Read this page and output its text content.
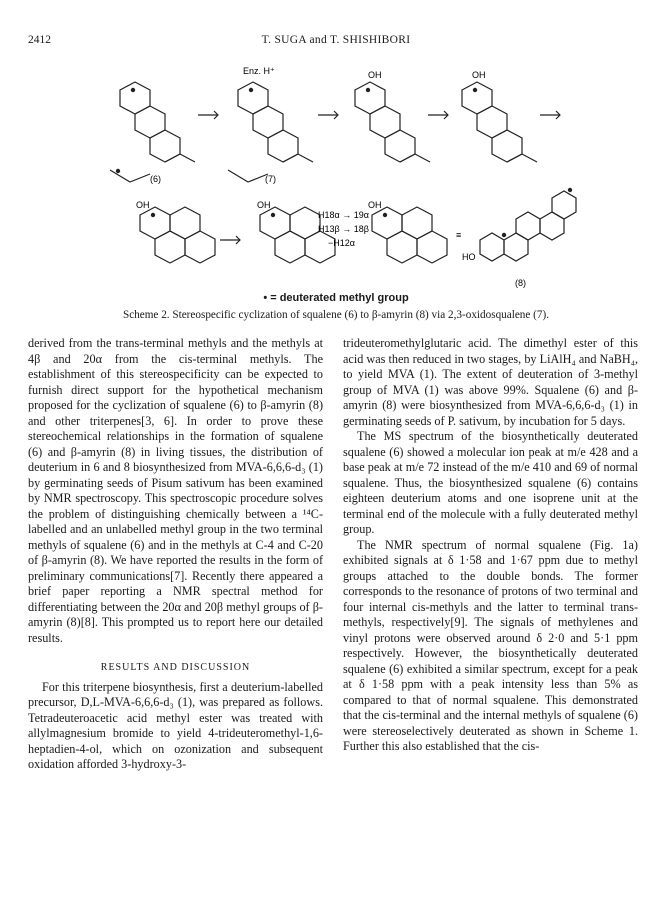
2412	T. SUGA and T. SHISHIBORI
Enz. H⁺	OH	OH
OH	OH	OH
(6)	(7)
H18α → 19α
H13β → 18β
−H12α
≡
HO
(8)
• = deuterated methyl group
Scheme 2. Stereospecific cyclization of squalene (6) to β-amyrin (8) via 2,3-oxidosqualene (7).

derived from the trans-terminal methyls and the methyls at 4β and 20α from the cis-terminal methyls. The establishment of this stereospecificity can be expected to furnish direct support for the hypothetical mechanism proposed for the cyclization of squalene (6) to β-amyrin (8) and other triterpenes[3, 6]. In order to prove these stereochemical relationships in the formation of squalene (6) and β-amyrin (8) in living tissues, the distribution of deuterium in 6 and 8 biosynthesized from MVA-6,6,6-d₃ (1) by germinating seeds of Pisum sativum has been examined by NMR spectroscopy. This spectroscopic procedure solves the problem of distinguishing chemically between a ¹⁴C-labelled and an unlabelled methyl group in the two terminal methyls of squalene (6) and in the methyls at C-4 and C-20 of β-amyrin (8). We have reported the results in the form of preliminary communications[7]. Recently there appeared a brief paper reporting a NMR spectral method for differentiating between the 20α and 20β methyl groups of β-amyrin (8)[8]. This prompted us to report here our detailed results.

RESULTS AND DISCUSSION

For this triterpene biosynthesis, first a deuterium-labelled precursor, D,L-MVA-6,6,6-d₃ (1), was prepared as follows. Tetradeuteroacetic acid methyl ester was treated with allylmagnesium bromide to yield 4-trideuteromethyl-1,6-heptadien-4-ol, which on ozonization and subsequent oxidation afforded 3-hydroxy-3-

trideuteromethylglutaric acid. The dimethyl ester of this acid was then reduced in two stages, by LiAlH₄ and NaBH₄, to yield MVA (1). The extent of deuteration of 3-methyl group of MVA (1) was above 99%. Squalene (6) and β-amyrin (8) were biosynthesized from MVA-6,6,6-d₃ (1) in germinating seeds of P. sativum, by incubation for 5 days.

The MS spectrum of the biosynthetically deuterated squalene (6) showed a molecular ion peak at m/e 428 and a base peak at m/e 72 instead of the m/e 410 and 69 of normal squalene. Thus, the biosynthesized squalene (6) contains eighteen deuterium atoms and one isoprene unit at the terminal end of the molecule with a fully deuterated methyl group.

The NMR spectrum of normal squalene (Fig. 1a) exhibited signals at δ 1·58 and 1·67 ppm due to methyl groups attached to the double bonds. The former corresponds to the resonance of protons of two terminal and four internal cis-methyls and the latter to terminal trans-methyls, respectively[9]. The signals of methylenes and vinyl protons were observed around δ 2·0 and 5·1 ppm respectively. However, the biosynthetically deuterated squalene (6) exhibited a similar spectrum, except for a peak at δ 1·58 ppm with a peak intensity less than 5% as compared to that of normal squalene. This demonstrated that the cis-terminal and the internal methyls of squalene (6) were stereoselectively deuterated as shown in Scheme 1. Further this also established that the cis-
